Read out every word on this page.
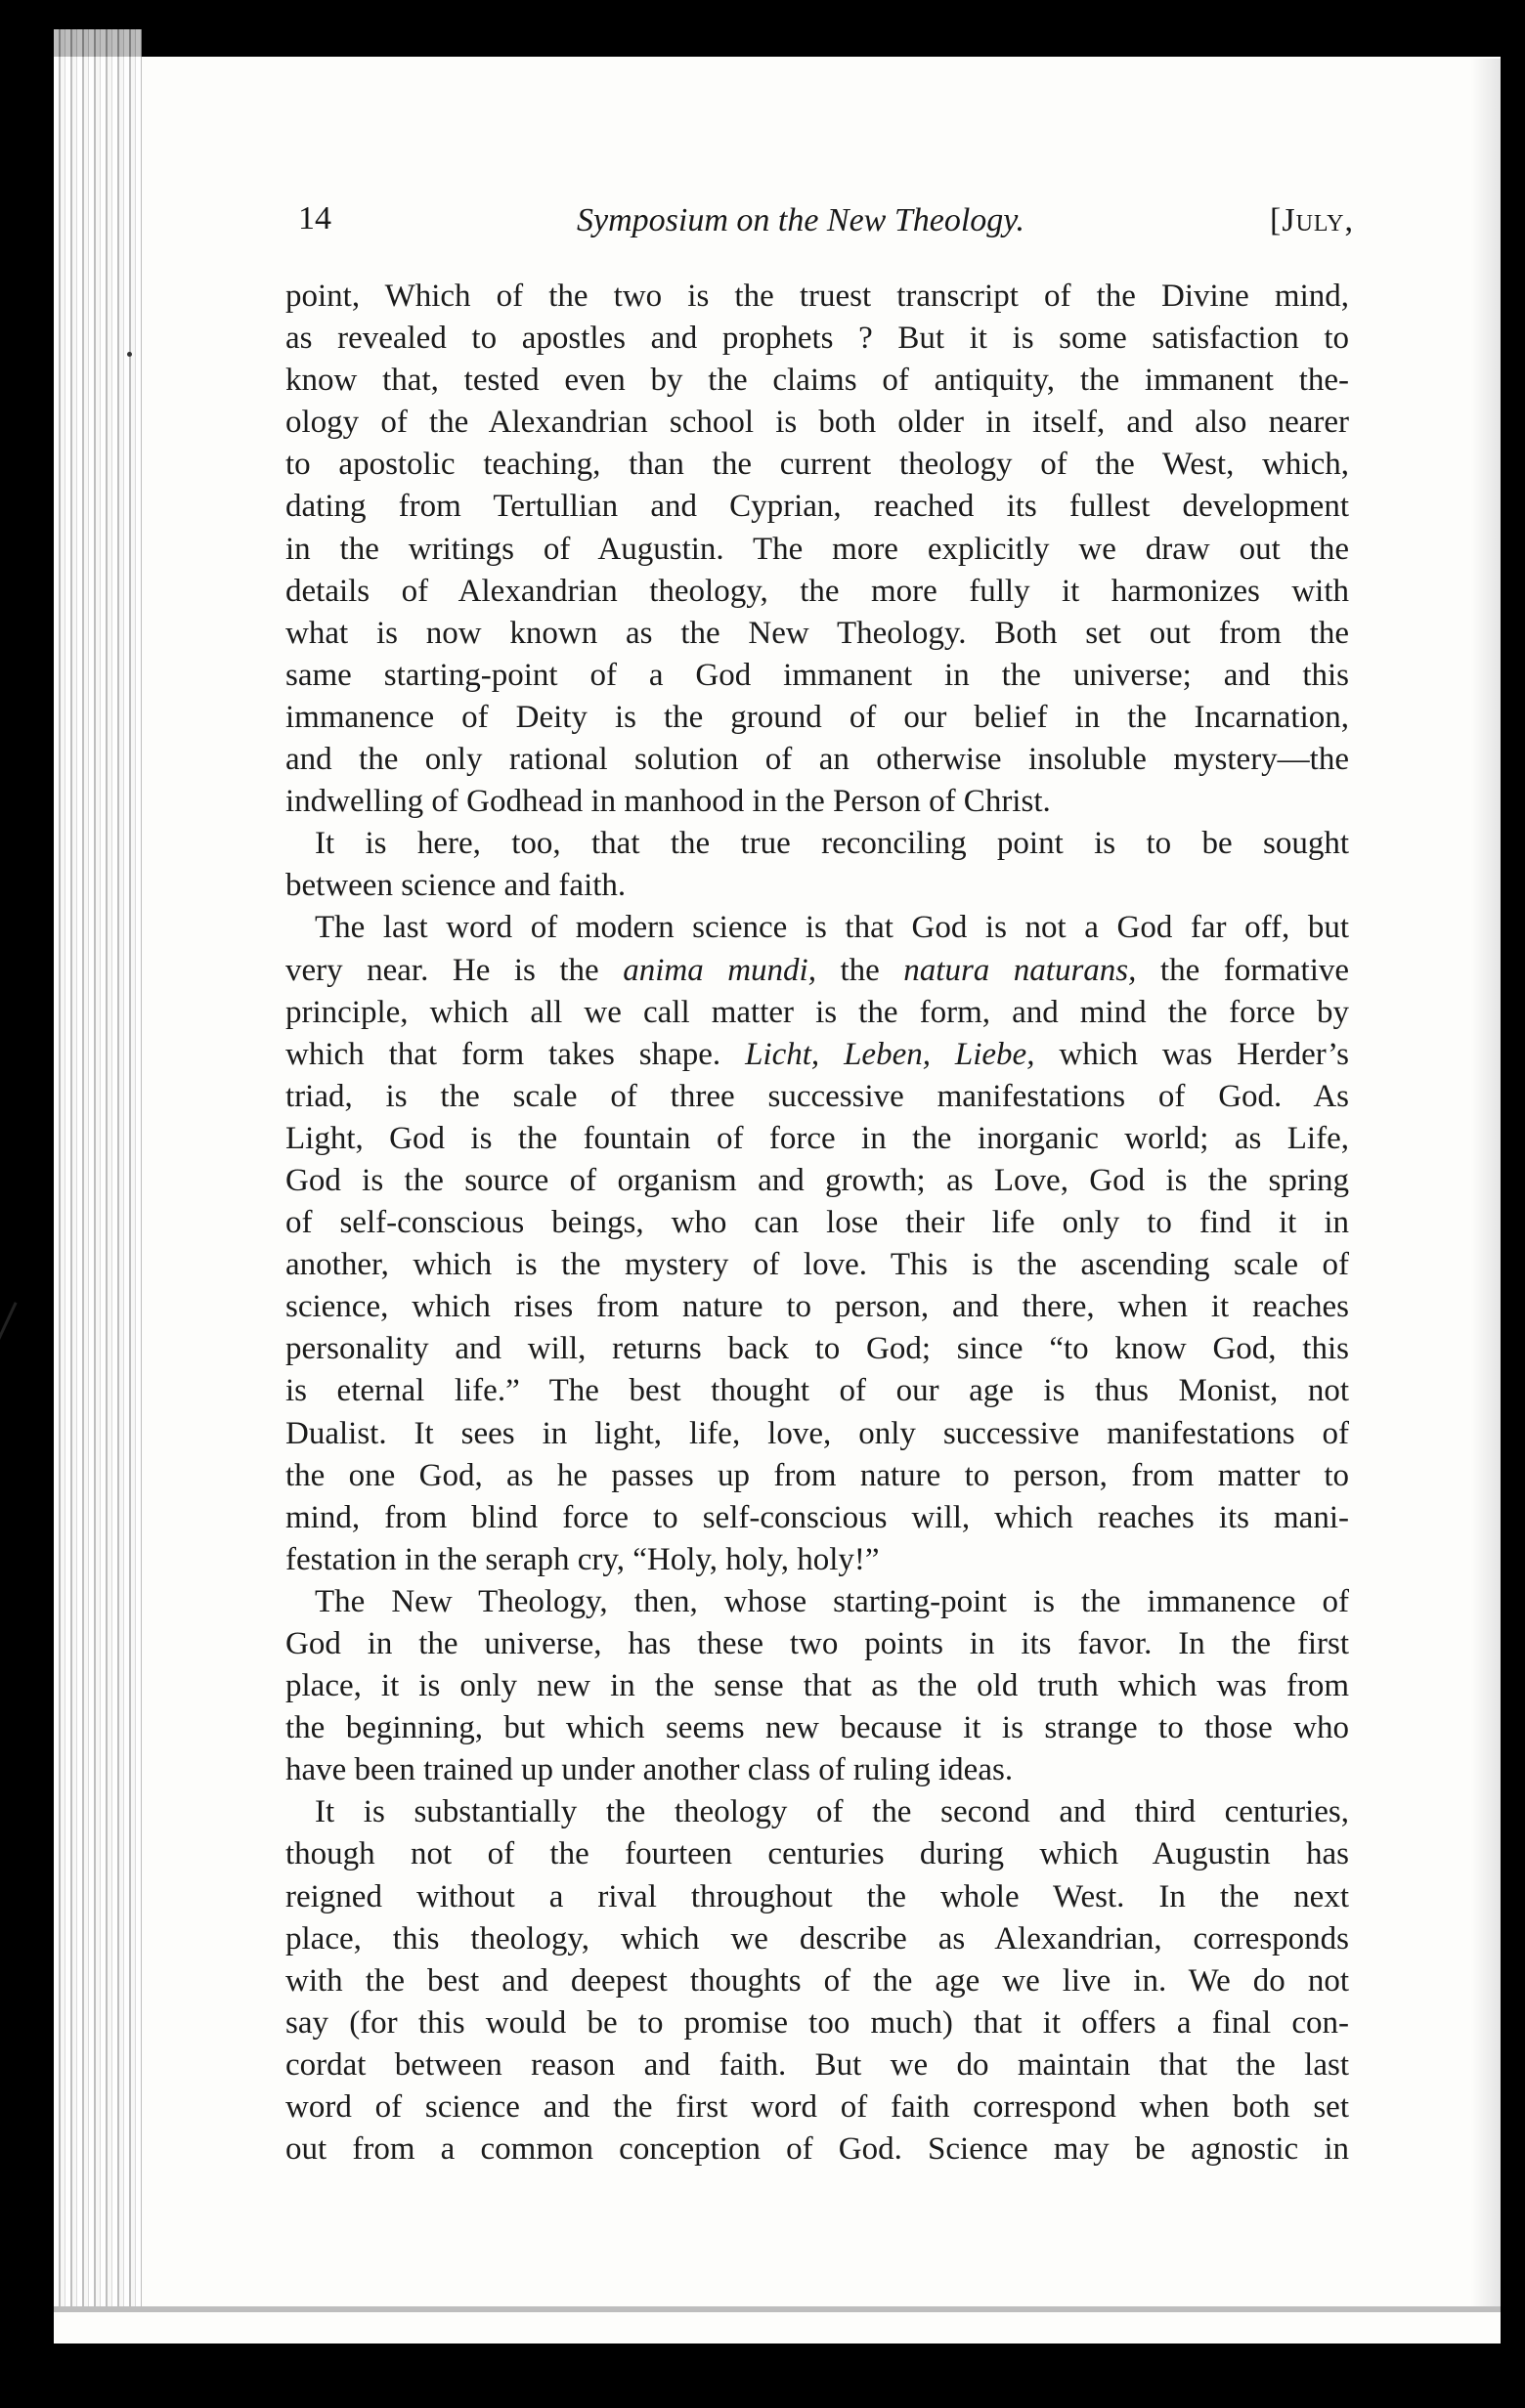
14	Symposium on the New Theology.	[July,

point, Which of the two is the truest transcript of the Divine mind,
as revealed to apostles and prophets ? But it is some satisfaction to
know that, tested even by the claims of antiquity, the immanent the-
ology of the Alexandrian school is both older in itself, and also nearer
to apostolic teaching, than the current theology of the West, which,
dating from Tertullian and Cyprian, reached its fullest development
in the writings of Augustin. The more explicitly we draw out the
details of Alexandrian theology, the more fully it harmonizes with
what is now known as the New Theology. Both set out from the
same starting-point of a God immanent in the universe; and this
immanence of Deity is the ground of our belief in the Incarnation,
and the only rational solution of an otherwise insoluble mystery—the
indwelling of Godhead in manhood in the Person of Christ.

It is here, too, that the true reconciling point is to be sought
between science and faith.

The last word of modern science is that God is not a God far off, but
very near. He is the anima mundi, the natura naturans, the formative
principle, which all we call matter is the form, and mind the force by
which that form takes shape. Licht, Leben, Liebe, which was Herder’s
triad, is the scale of three successive manifestations of God. As
Light, God is the fountain of force in the inorganic world; as Life,
God is the source of organism and growth; as Love, God is the spring
of self-conscious beings, who can lose their life only to find it in
another, which is the mystery of love. This is the ascending scale of
science, which rises from nature to person, and there, when it reaches
personality and will, returns back to God; since “to know God, this
is eternal life.” The best thought of our age is thus Monist, not
Dualist. It sees in light, life, love, only successive manifestations of
the one God, as he passes up from nature to person, from matter to
mind, from blind force to self-conscious will, which reaches its mani-
festation in the seraph cry, “Holy, holy, holy!”

The New Theology, then, whose starting-point is the immanence of
God in the universe, has these two points in its favor. In the first
place, it is only new in the sense that as the old truth which was from
the beginning, but which seems new because it is strange to those who
have been trained up under another class of ruling ideas.

It is substantially the theology of the second and third centuries,
though not of the fourteen centuries during which Augustin has
reigned without a rival throughout the whole West. In the next
place, this theology, which we describe as Alexandrian, corresponds
with the best and deepest thoughts of the age we live in. We do not
say (for this would be to promise too much) that it offers a final con-
cordat between reason and faith. But we do maintain that the last
word of science and the first word of faith correspond when both set
out from a common conception of God. Science may be agnostic in
